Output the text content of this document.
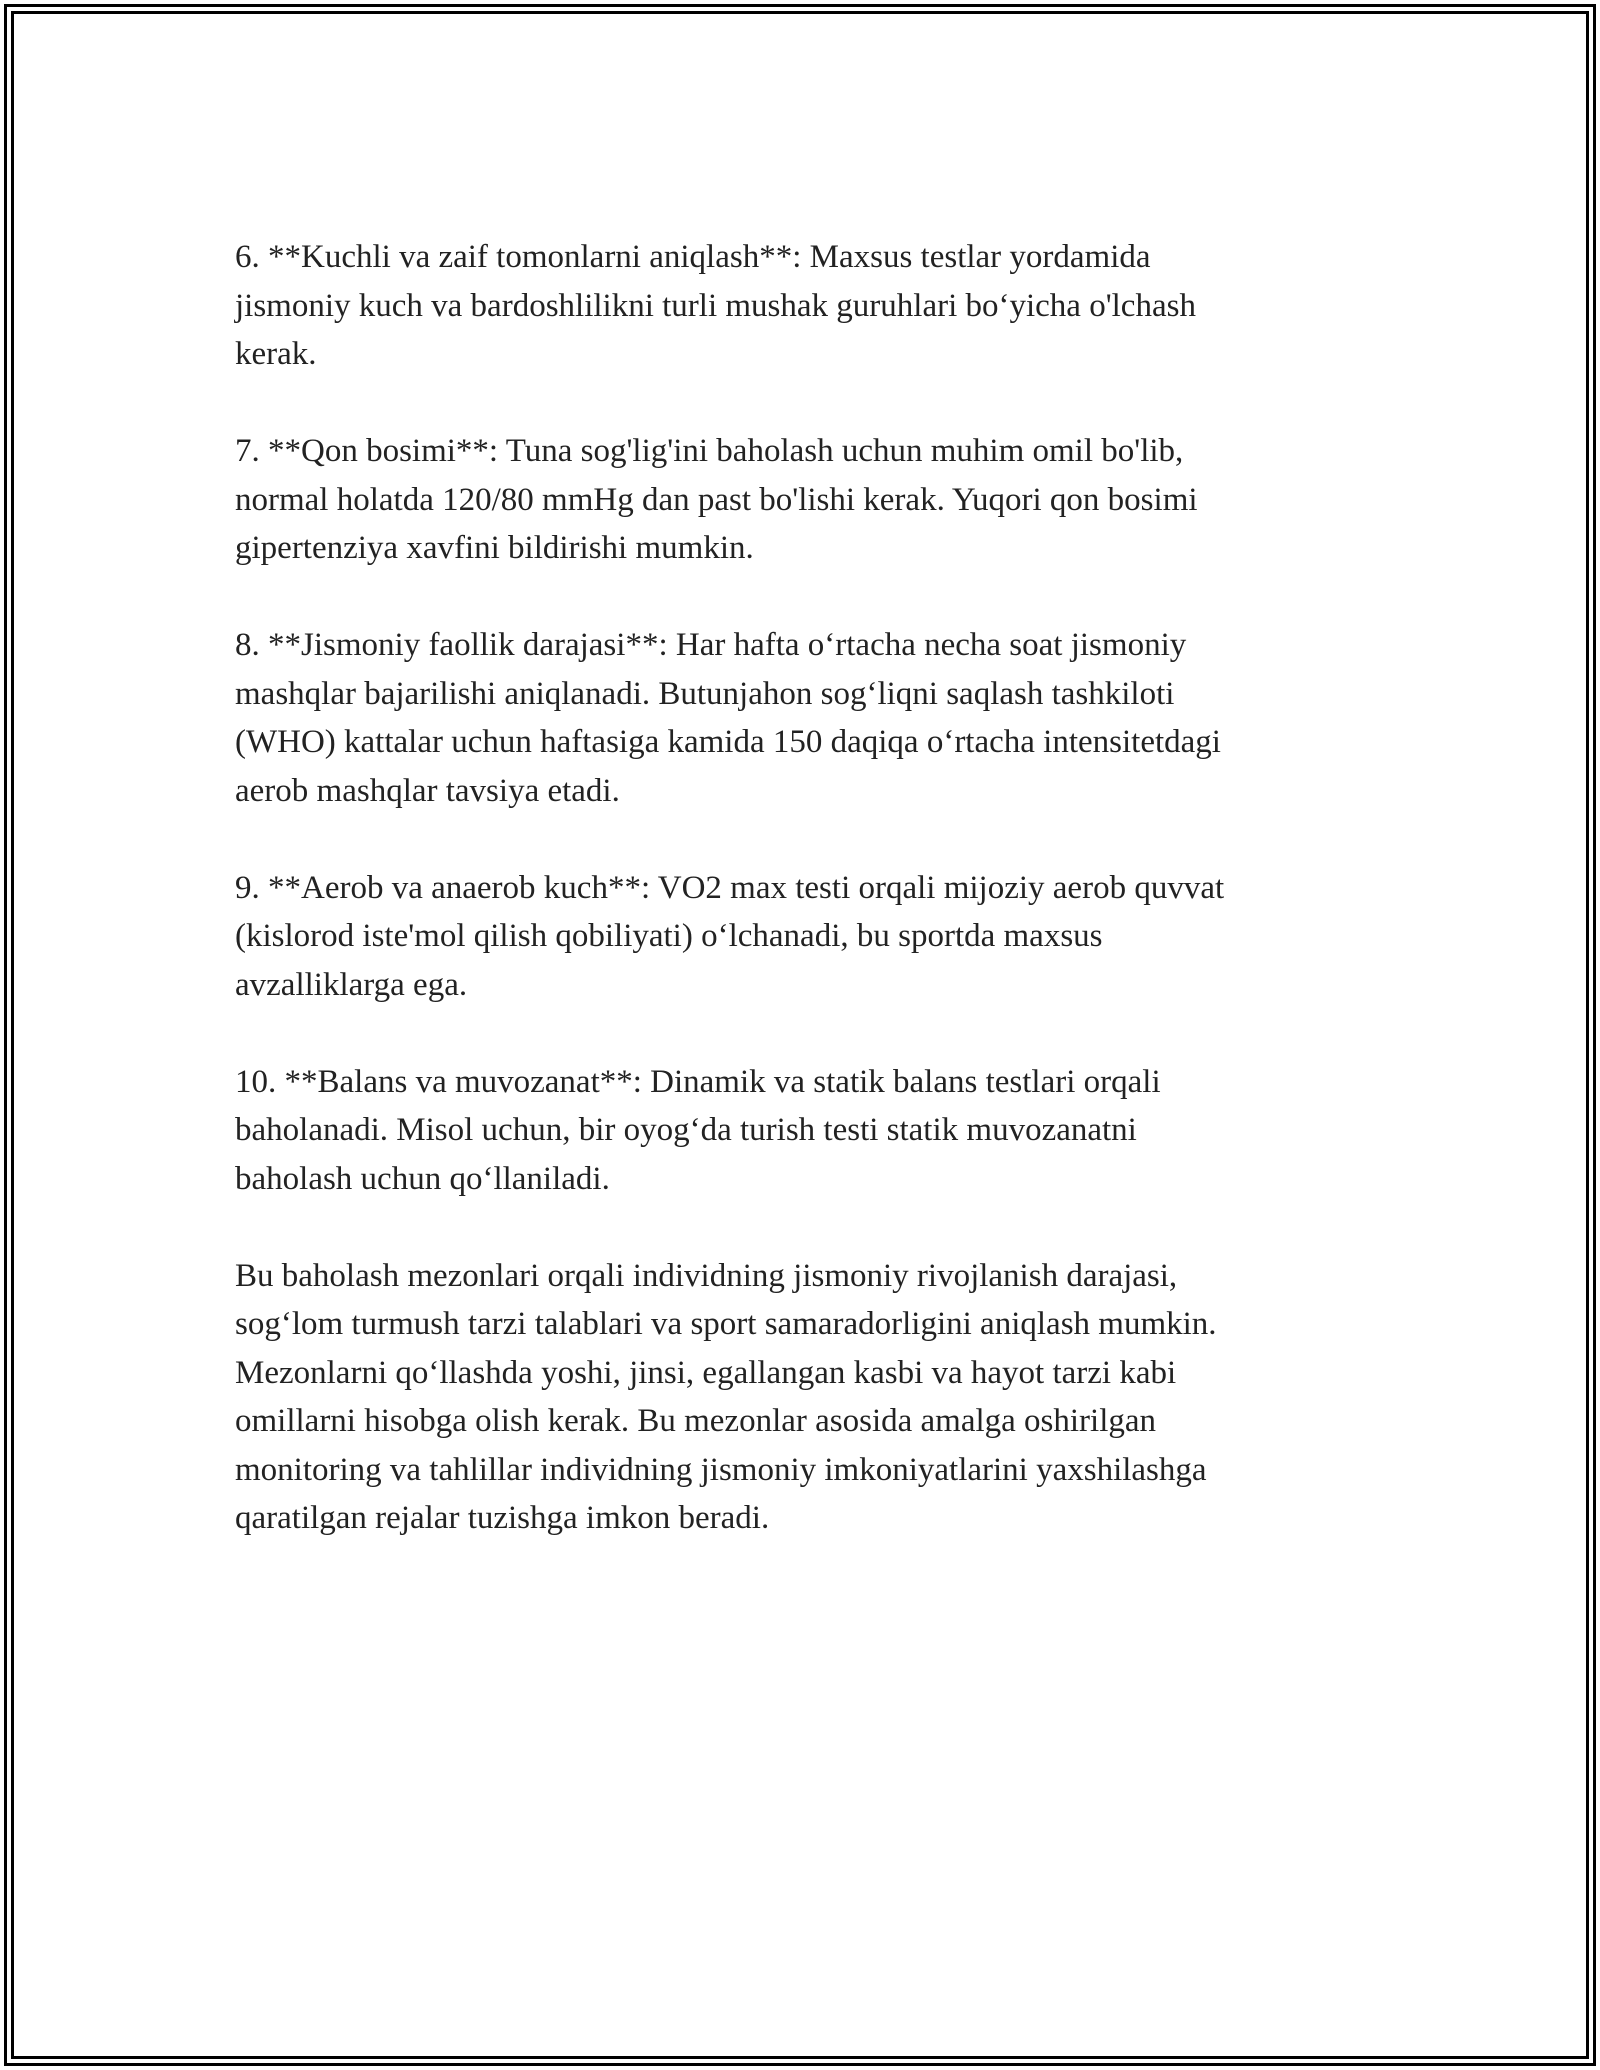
6. **Kuchli va zaif tomonlarni aniqlash**: Maxsus testlar yordamida
jismoniy kuch va bardoshlilikni turli mushak guruhlari bo‘yicha o'lchash
kerak.

7. **Qon bosimi**: Tuna sog'lig'ini baholash uchun muhim omil bo'lib,
normal holatda 120/80 mmHg dan past bo'lishi kerak. Yuqori qon bosimi
gipertenziya xavfini bildirishi mumkin.

8. **Jismoniy faollik darajasi**: Har hafta o‘rtacha necha soat jismoniy
mashqlar bajarilishi aniqlanadi. Butunjahon sog‘liqni saqlash tashkiloti
(WHO) kattalar uchun haftasiga kamida 150 daqiqa o‘rtacha intensitetdagi
aerob mashqlar tavsiya etadi.

9. **Aerob va anaerob kuch**: VO2 max testi orqali mijoziy aerob quvvat
(kislorod iste'mol qilish qobiliyati) o‘lchanadi, bu sportda maxsus
avzalliklarga ega.

10. **Balans va muvozanat**: Dinamik va statik balans testlari orqali
baholanadi. Misol uchun, bir oyog‘da turish testi statik muvozanatni
baholash uchun qo‘llaniladi.

Bu baholash mezonlari orqali individning jismoniy rivojlanish darajasi,
sog‘lom turmush tarzi talablari va sport samaradorligini aniqlash mumkin.
Mezonlarni qo‘llashda yoshi, jinsi, egallangan kasbi va hayot tarzi kabi
omillarni hisobga olish kerak. Bu mezonlar asosida amalga oshirilgan
monitoring va tahlillar individning jismoniy imkoniyatlarini yaxshilashga
qaratilgan rejalar tuzishga imkon beradi.
